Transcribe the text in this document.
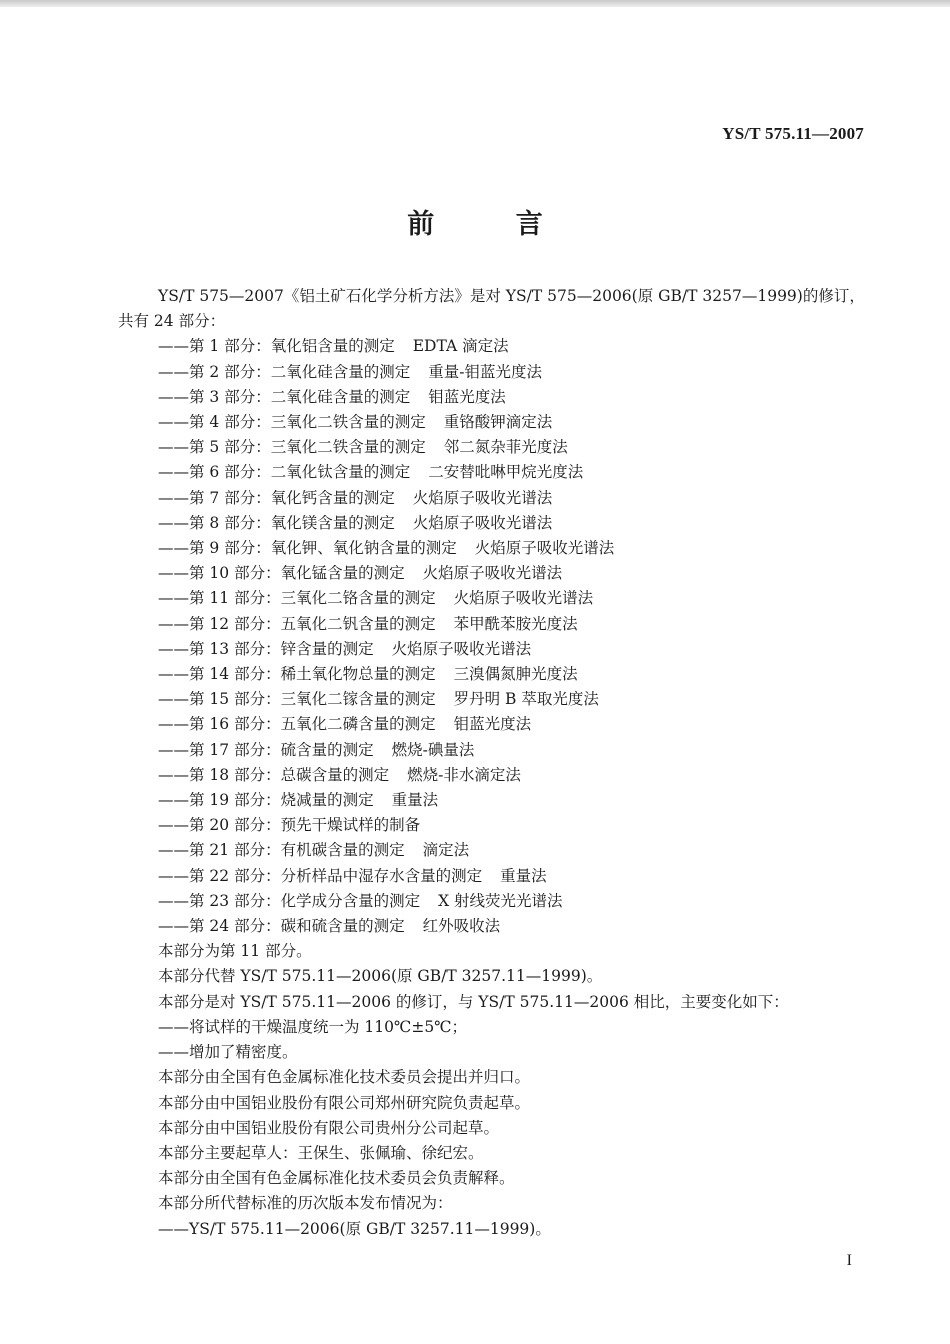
YS/T 575.11—2007
前 言
YS/T 575—2007《铝土矿石化学分析方法》是对 YS/T 575—2006(原 GB/T 3257—1999)的修订，
共有 24 部分：
——第 1 部分：氧化铝含量的测定 EDTA 滴定法
——第 2 部分：二氧化硅含量的测定 重量-钼蓝光度法
——第 3 部分：二氧化硅含量的测定 钼蓝光度法
——第 4 部分：三氧化二铁含量的测定 重铬酸钾滴定法
——第 5 部分：三氧化二铁含量的测定 邻二氮杂菲光度法
——第 6 部分：二氧化钛含量的测定 二安替吡啉甲烷光度法
——第 7 部分：氧化钙含量的测定 火焰原子吸收光谱法
——第 8 部分：氧化镁含量的测定 火焰原子吸收光谱法
——第 9 部分：氧化钾、氧化钠含量的测定 火焰原子吸收光谱法
——第 10 部分：氧化锰含量的测定 火焰原子吸收光谱法
——第 11 部分：三氧化二铬含量的测定 火焰原子吸收光谱法
——第 12 部分：五氧化二钒含量的测定 苯甲酰苯胺光度法
——第 13 部分：锌含量的测定 火焰原子吸收光谱法
——第 14 部分：稀土氧化物总量的测定 三溴偶氮胂光度法
——第 15 部分：三氧化二镓含量的测定 罗丹明 B 萃取光度法
——第 16 部分：五氧化二磷含量的测定 钼蓝光度法
——第 17 部分：硫含量的测定 燃烧-碘量法
——第 18 部分：总碳含量的测定 燃烧-非水滴定法
——第 19 部分：烧减量的测定 重量法
——第 20 部分：预先干燥试样的制备
——第 21 部分：有机碳含量的测定 滴定法
——第 22 部分：分析样品中湿存水含量的测定 重量法
——第 23 部分：化学成分含量的测定 X 射线荧光光谱法
——第 24 部分：碳和硫含量的测定 红外吸收法
本部分为第 11 部分。
本部分代替 YS/T 575.11—2006(原 GB/T 3257.11—1999)。
本部分是对 YS/T 575.11—2006 的修订，与 YS/T 575.11—2006 相比，主要变化如下：
——将试样的干燥温度统一为 110℃±5℃；
——增加了精密度。
本部分由全国有色金属标准化技术委员会提出并归口。
本部分由中国铝业股份有限公司郑州研究院负责起草。
本部分由中国铝业股份有限公司贵州分公司起草。
本部分主要起草人：王保生、张佩瑜、徐纪宏。
本部分由全国有色金属标准化技术委员会负责解释。
本部分所代替标准的历次版本发布情况为：
——YS/T 575.11—2006(原 GB/T 3257.11—1999)。
I
